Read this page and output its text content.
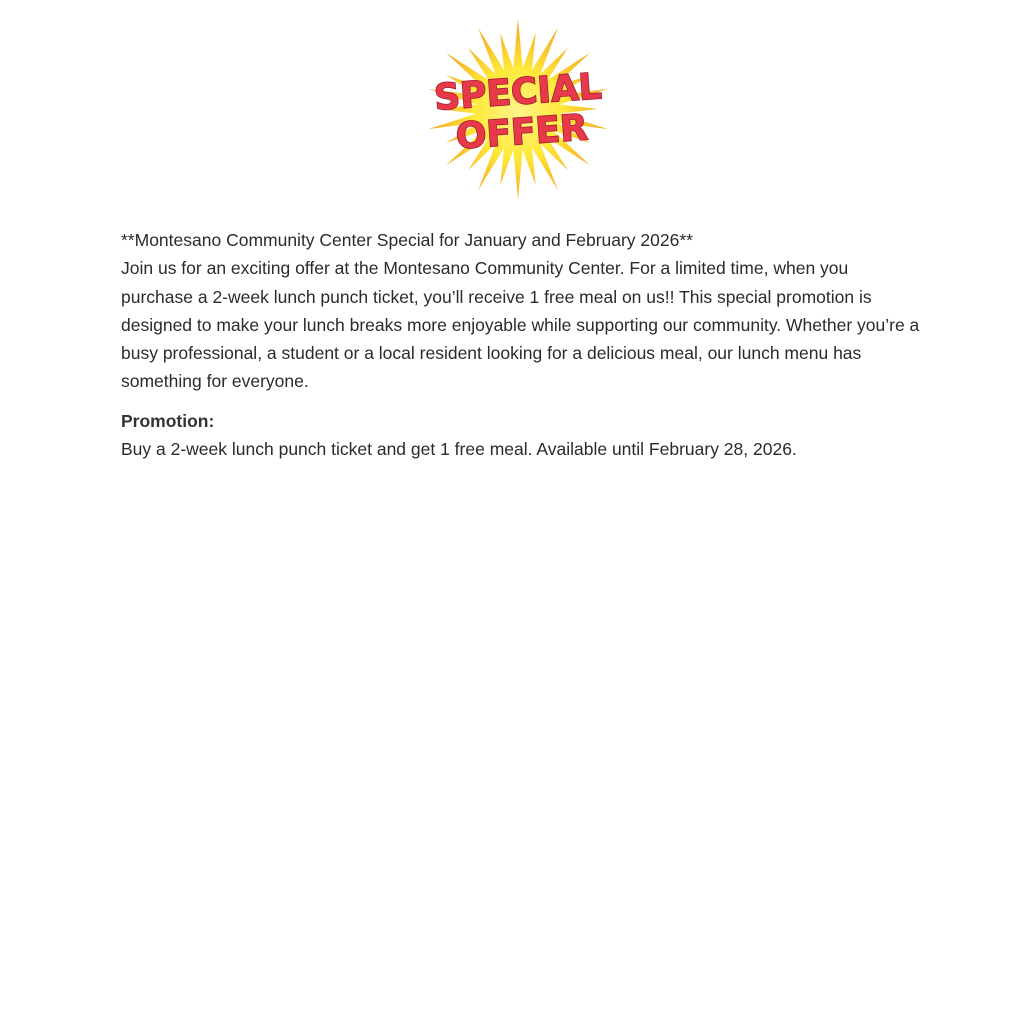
SPECIAL
OFFER

**Montesano Community Center Special for January and February 2026**

Join us for an exciting offer at the Montesano Community Center. For a limited time, when you purchase a 2-week lunch punch ticket, you’ll receive 1 free meal on us!! This special promotion is designed to make your lunch breaks more enjoyable while supporting our community. Whether you’re a busy professional, a student or a local resident looking for a delicious meal, our lunch menu has something for everyone.

Promotion:

Buy a 2-week lunch punch ticket and get 1 free meal. Available until February 28, 2026.
